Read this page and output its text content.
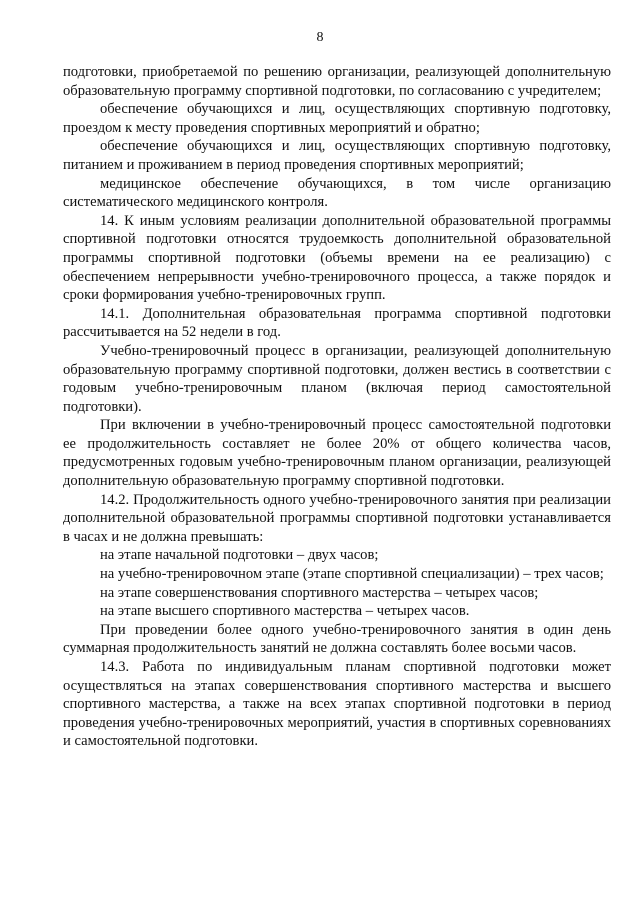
8

подготовки, приобретаемой по решению организации, реализующей дополнительную образовательную программу спортивной подготовки, по согласованию с учредителем;

обеспечение обучающихся и лиц, осуществляющих спортивную подготовку, проездом к месту проведения спортивных мероприятий и обратно;

обеспечение обучающихся и лиц, осуществляющих спортивную подготовку, питанием и проживанием в период проведения спортивных мероприятий;

медицинское обеспечение обучающихся, в том числе организацию систематического медицинского контроля.

14. К иным условиям реализации дополнительной образовательной программы спортивной подготовки относятся трудоемкость дополнительной образовательной программы спортивной подготовки (объемы времени на ее реализацию) с обеспечением непрерывности учебно-тренировочного процесса, а также порядок и сроки формирования учебно-тренировочных групп.

14.1. Дополнительная образовательная программа спортивной подготовки рассчитывается на 52 недели в год.

Учебно-тренировочный процесс в организации, реализующей дополнительную образовательную программу спортивной подготовки, должен вестись в соответствии с годовым учебно-тренировочным планом (включая период самостоятельной подготовки).

При включении в учебно-тренировочный процесс самостоятельной подготовки ее продолжительность составляет не более 20% от общего количества часов, предусмотренных годовым учебно-тренировочным планом организации, реализующей дополнительную образовательную программу спортивной подготовки.

14.2. Продолжительность одного учебно-тренировочного занятия при реализации дополнительной образовательной программы спортивной подготовки устанавливается в часах и не должна превышать:

на этапе начальной подготовки – двух часов;

на учебно-тренировочном этапе (этапе спортивной специализации) – трех часов;

на этапе совершенствования спортивного мастерства – четырех часов;

на этапе высшего спортивного мастерства – четырех часов.

При проведении более одного учебно-тренировочного занятия в один день суммарная продолжительность занятий не должна составлять более восьми часов.

14.3. Работа по индивидуальным планам спортивной подготовки может осуществляться на этапах совершенствования спортивного мастерства и высшего спортивного мастерства, а также на всех этапах спортивной подготовки в период проведения учебно-тренировочных мероприятий, участия в спортивных соревнованиях и самостоятельной подготовки.
